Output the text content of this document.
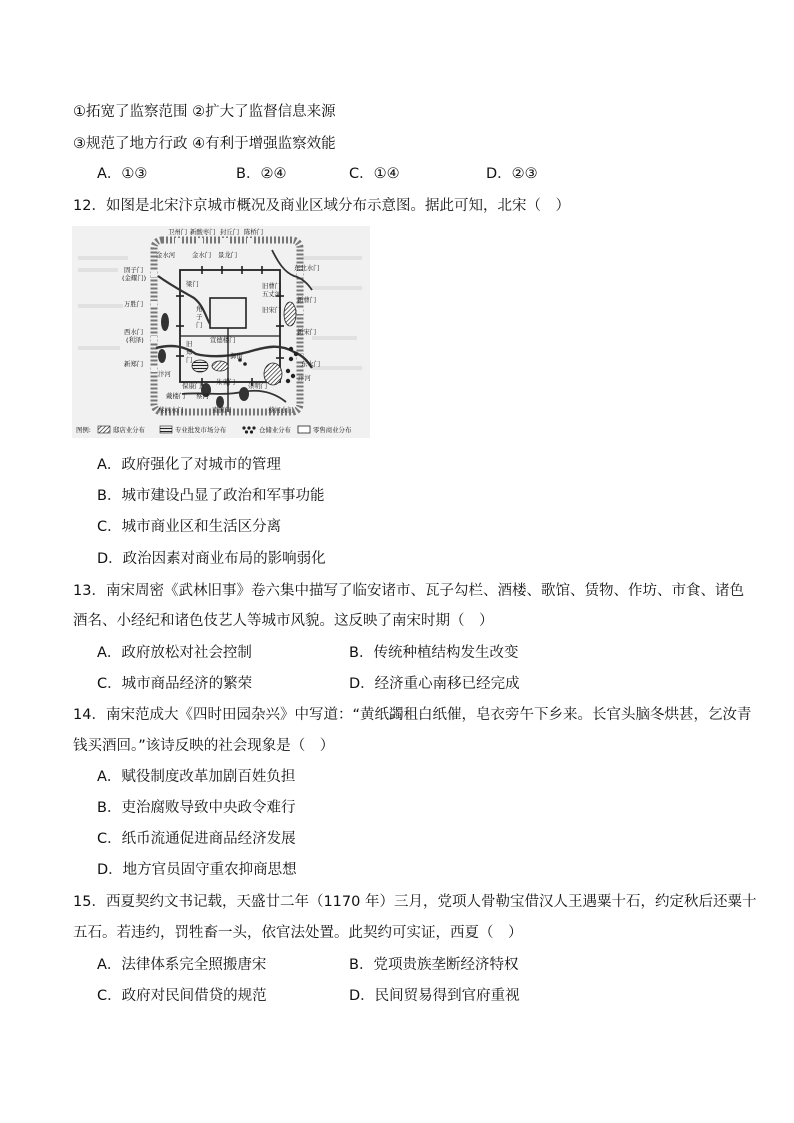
①拓宽了监察范围 ②扩大了监督信息来源
③规范了地方行政 ④有利于增强监察效能
A．①③	B．②④	C．①④	D．②③
12．如图是北宋汴京城市概况及商业区域分布示意图。据此可知，北宋（　）
卫州门 新酸枣门 封丘门 陈桥门
金水河	金水门 景龙门
旧曹门
固子门
(金耀门)
万胜门
西水门
(利泽)
新郑门
东北水门
新曹门
新宋门
东水门
梁门
角
子
门
旧
郑
门
旧宋门
五丈河
宣德楼门
汴河	汴河
御街
保康门 朱雀门 崇明门
戴楼门 蔡河
南薰门
蔡河水门	蔡河水门
图例:	邸店业分布	专业批发市场分布	仓储业分布	零售商业分布
A．政府强化了对城市的管理
B．城市建设凸显了政治和军事功能
C．城市商业区和生活区分离
D．政治因素对商业布局的影响弱化
13．南宋周密《武林旧事》卷六集中描写了临安诸市、瓦子勾栏、酒楼、歌馆、赁物、作坊、市食、诸色
酒名、小经纪和诸色伎艺人等城市风貌。这反映了南宋时期（　）
A．政府放松对社会控制	B．传统种植结构发生改变
C．城市商品经济的繁荣	D．经济重心南移已经完成
14．南宋范成大《四时田园杂兴》中写道：“黄纸蠲租白纸催，皂衣旁午下乡来。长官头脑冬烘甚，乞汝青
钱买酒回。”该诗反映的社会现象是（　）
A．赋役制度改革加剧百姓负担
B．吏治腐败导致中央政令难行
C．纸币流通促进商品经济发展
D．地方官员固守重农抑商思想
15．西夏契约文书记载，天盛廿二年（1170 年）三月，党项人骨勒宝借汉人王遇粟十石，约定秋后还粟十
五石。若违约，罚牲畜一头，依官法处置。此契约可实证，西夏（　）
A．法律体系完全照搬唐宋	B．党项贵族垄断经济特权
C．政府对民间借贷的规范	D．民间贸易得到官府重视
